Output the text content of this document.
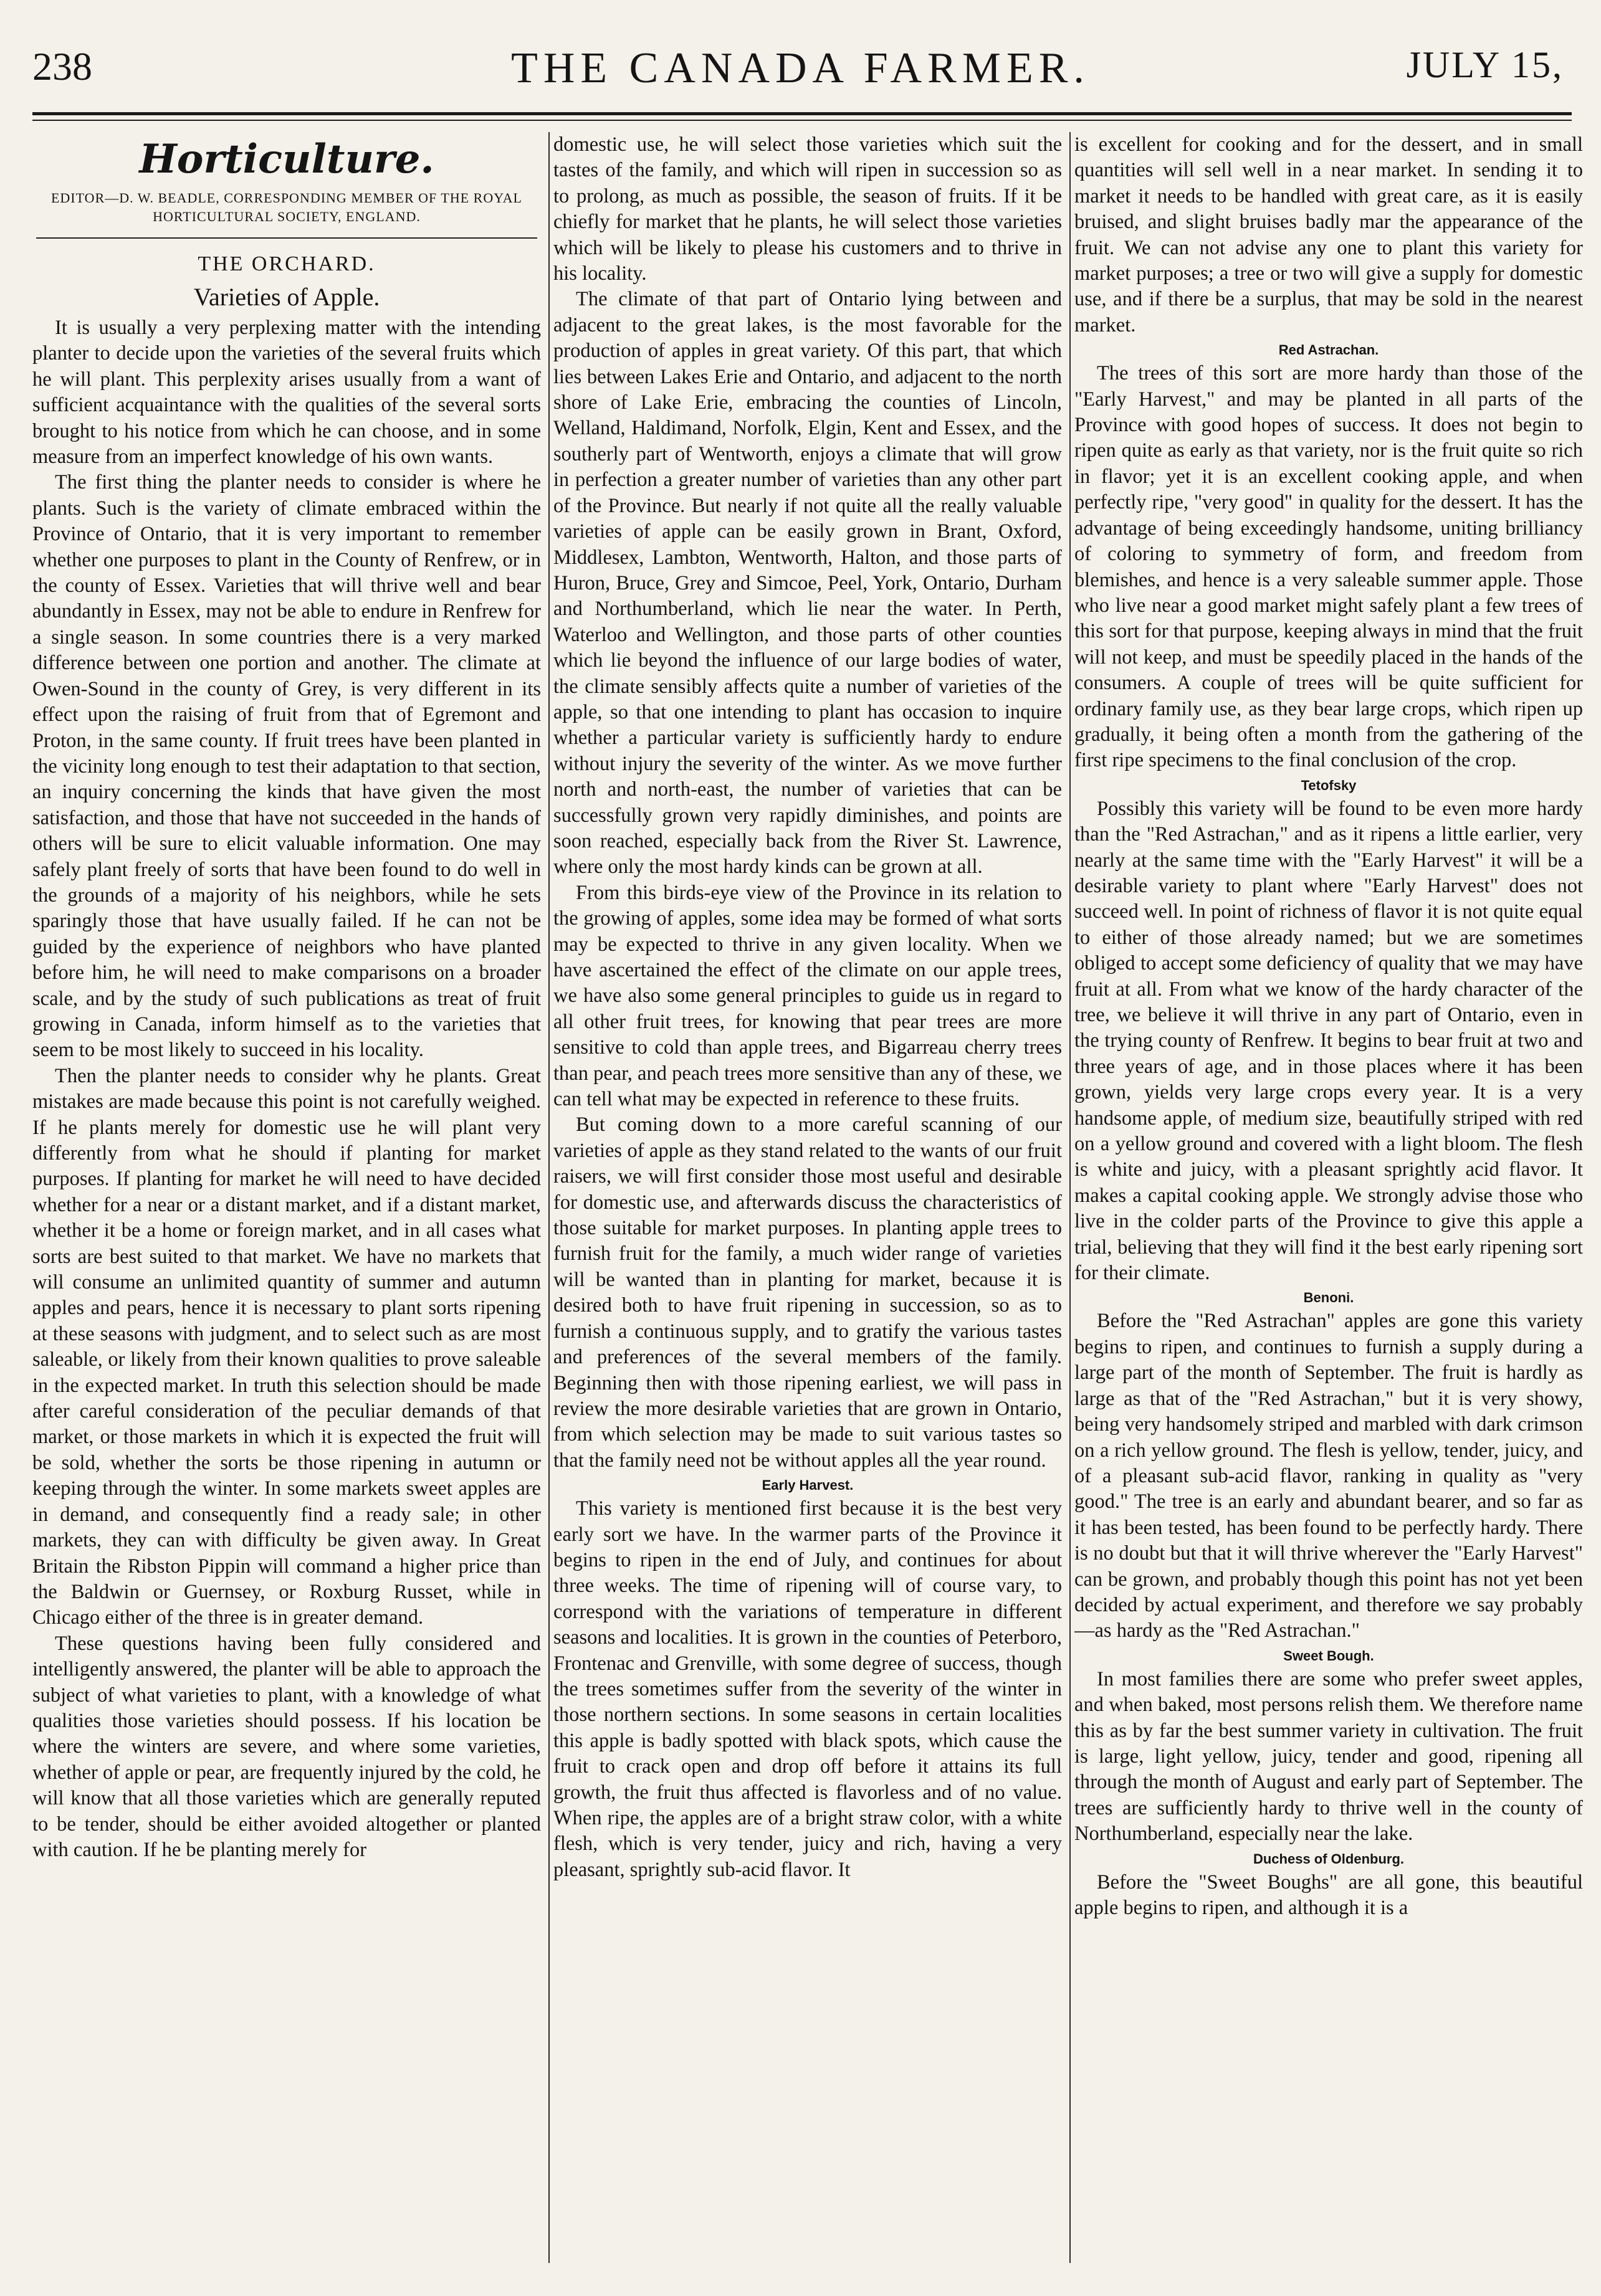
238	THE CANADA FARMER.	JULY 15,
Horticulture.
EDITOR—D. W. BEADLE, CORRESPONDING MEMBER OF THE ROYAL HORTICULTURAL SOCIETY, ENGLAND.
THE ORCHARD.
Varieties of Apple.

It is usually a very perplexing matter with the intending planter to decide upon the varieties of the several fruits which he will plant. This perplexity arises usually from a want of sufficient acquaintance with the qualities of the several sorts brought to his notice from which he can choose, and in some measure from an imperfect knowledge of his own wants.

The first thing the planter needs to consider is where he plants. Such is the variety of climate embraced within the Province of Ontario, that it is very important to remember whether one purposes to plant in the County of Renfrew, or in the county of Essex. Varieties that will thrive well and bear abundantly in Essex, may not be able to endure in Renfrew for a single season. In some countries there is a very marked difference between one portion and another. The climate at Owen-Sound in the county of Grey, is very different in its effect upon the raising of fruit from that of Egremont and Proton, in the same county. If fruit trees have been planted in the vicinity long enough to test their adaptation to that section, an inquiry concerning the kinds that have given the most satisfaction, and those that have not succeeded in the hands of others will be sure to elicit valuable information. One may safely plant freely of sorts that have been found to do well in the grounds of a majority of his neighbors, while he sets sparingly those that have usually failed. If he can not be guided by the experience of neighbors who have planted before him, he will need to make comparisons on a broader scale, and by the study of such publications as treat of fruit growing in Canada, inform himself as to the varieties that seem to be most likely to succeed in his locality.

Then the planter needs to consider why he plants. Great mistakes are made because this point is not carefully weighed. If he plants merely for domestic use he will plant very differently from what he should if planting for market purposes. If planting for market he will need to have decided whether for a near or a distant market, and if a distant market, whether it be a home or foreign market, and in all cases what sorts are best suited to that market. We have no markets that will consume an unlimited quantity of summer and autumn apples and pears, hence it is necessary to plant sorts ripening at these seasons with judgment, and to select such as are most saleable, or likely from their known qualities to prove saleable in the expected market. In truth this selection should be made after careful consideration of the peculiar demands of that market, or those markets in which it is expected the fruit will be sold, whether the sorts be those ripening in autumn or keeping through the winter. In some markets sweet apples are in demand, and consequently find a ready sale; in other markets, they can with difficulty be given away. In Great Britain the Ribston Pippin will command a higher price than the Baldwin or Guernsey, or Roxburg Russet, while in Chicago either of the three is in greater demand.

These questions having been fully considered and intelligently answered, the planter will be able to approach the subject of what varieties to plant, with a knowledge of what qualities those varieties should possess. If his location be where the winters are severe, and where some varieties, whether of apple or pear, are frequently injured by the cold, he will know that all those varieties which are generally reputed to be tender, should be either avoided altogether or planted with caution. If he be planting merely for

domestic use, he will select those varieties which suit the tastes of the family, and which will ripen in succession so as to prolong, as much as possible, the season of fruits. If it be chiefly for market that he plants, he will select those varieties which will be likely to please his customers and to thrive in his locality.

The climate of that part of Ontario lying between and adjacent to the great lakes, is the most favorable for the production of apples in great variety. Of this part, that which lies between Lakes Erie and Ontario, and adjacent to the north shore of Lake Erie, embracing the counties of Lincoln, Welland, Haldimand, Norfolk, Elgin, Kent and Essex, and the southerly part of Wentworth, enjoys a climate that will grow in perfection a greater number of varieties than any other part of the Province. But nearly if not quite all the really valuable varieties of apple can be easily grown in Brant, Oxford, Middlesex, Lambton, Wentworth, Halton, and those parts of Huron, Bruce, Grey and Simcoe, Peel, York, Ontario, Durham and Northumberland, which lie near the water. In Perth, Waterloo and Wellington, and those parts of other counties which lie beyond the influence of our large bodies of water, the climate sensibly affects quite a number of varieties of the apple, so that one intending to plant has occasion to inquire whether a particular variety is sufficiently hardy to endure without injury the severity of the winter. As we move further north and north-east, the number of varieties that can be successfully grown very rapidly diminishes, and points are soon reached, especially back from the River St. Lawrence, where only the most hardy kinds can be grown at all.

From this birds-eye view of the Province in its relation to the growing of apples, some idea may be formed of what sorts may be expected to thrive in any given locality. When we have ascertained the effect of the climate on our apple trees, we have also some general principles to guide us in regard to all other fruit trees, for knowing that pear trees are more sensitive to cold than apple trees, and Bigarreau cherry trees than pear, and peach trees more sensitive than any of these, we can tell what may be expected in reference to these fruits.

But coming down to a more careful scanning of our varieties of apple as they stand related to the wants of our fruit raisers, we will first consider those most useful and desirable for domestic use, and afterwards discuss the characteristics of those suitable for market purposes. In planting apple trees to furnish fruit for the family, a much wider range of varieties will be wanted than in planting for market, because it is desired both to have fruit ripening in succession, so as to furnish a continuous supply, and to gratify the various tastes and preferences of the several members of the family. Beginning then with those ripening earliest, we will pass in review the more desirable varieties that are grown in Ontario, from which selection may be made to suit various tastes so that the family need not be without apples all the year round.

Early Harvest.

This variety is mentioned first because it is the best very early sort we have. In the warmer parts of the Province it begins to ripen in the end of July, and continues for about three weeks. The time of ripening will of course vary, to correspond with the variations of temperature in different seasons and localities. It is grown in the counties of Peterboro, Frontenac and Grenville, with some degree of success, though the trees sometimes suffer from the severity of the winter in those northern sections. In some seasons in certain localities this apple is badly spotted with black spots, which cause the fruit to crack open and drop off before it attains its full growth, the fruit thus affected is flavorless and of no value. When ripe, the apples are of a bright straw color, with a white flesh, which is very tender, juicy and rich, having a very pleasant, sprightly sub-acid flavor. It

is excellent for cooking and for the dessert, and in small quantities will sell well in a near market. In sending it to market it needs to be handled with great care, as it is easily bruised, and slight bruises badly mar the appearance of the fruit. We can not advise any one to plant this variety for market purposes; a tree or two will give a supply for domestic use, and if there be a surplus, that may be sold in the nearest market.

Red Astrachan.

The trees of this sort are more hardy than those of the "Early Harvest," and may be planted in all parts of the Province with good hopes of success. It does not begin to ripen quite as early as that variety, nor is the fruit quite so rich in flavor; yet it is an excellent cooking apple, and when perfectly ripe, "very good" in quality for the dessert. It has the advantage of being exceedingly handsome, uniting brilliancy of coloring to symmetry of form, and freedom from blemishes, and hence is a very saleable summer apple. Those who live near a good market might safely plant a few trees of this sort for that purpose, keeping always in mind that the fruit will not keep, and must be speedily placed in the hands of the consumers. A couple of trees will be quite sufficient for ordinary family use, as they bear large crops, which ripen up gradually, it being often a month from the gathering of the first ripe specimens to the final conclusion of the crop.

Tetofsky

Possibly this variety will be found to be even more hardy than the "Red Astrachan," and as it ripens a little earlier, very nearly at the same time with the "Early Harvest" it will be a desirable variety to plant where "Early Harvest" does not succeed well. In point of richness of flavor it is not quite equal to either of those already named; but we are sometimes obliged to accept some deficiency of quality that we may have fruit at all. From what we know of the hardy character of the tree, we believe it will thrive in any part of Ontario, even in the trying county of Renfrew. It begins to bear fruit at two and three years of age, and in those places where it has been grown, yields very large crops every year. It is a very handsome apple, of medium size, beautifully striped with red on a yellow ground and covered with a light bloom. The flesh is white and juicy, with a pleasant sprightly acid flavor. It makes a capital cooking apple. We strongly advise those who live in the colder parts of the Province to give this apple a trial, believing that they will find it the best early ripening sort for their climate.

Benoni.

Before the "Red Astrachan" apples are gone this variety begins to ripen, and continues to furnish a supply during a large part of the month of September. The fruit is hardly as large as that of the "Red Astrachan," but it is very showy, being very handsomely striped and marbled with dark crimson on a rich yellow ground. The flesh is yellow, tender, juicy, and of a pleasant sub-acid flavor, ranking in quality as "very good." The tree is an early and abundant bearer, and so far as it has been tested, has been found to be perfectly hardy. There is no doubt but that it will thrive wherever the "Early Harvest" can be grown, and probably though this point has not yet been decided by actual experiment, and therefore we say probably—as hardy as the "Red Astrachan."

Sweet Bough.

In most families there are some who prefer sweet apples, and when baked, most persons relish them. We therefore name this as by far the best summer variety in cultivation. The fruit is large, light yellow, juicy, tender and good, ripening all through the month of August and early part of September. The trees are sufficiently hardy to thrive well in the county of Northumberland, especially near the lake.

Duchess of Oldenburg.

Before the "Sweet Boughs" are all gone, this beautiful apple begins to ripen, and although it is a
